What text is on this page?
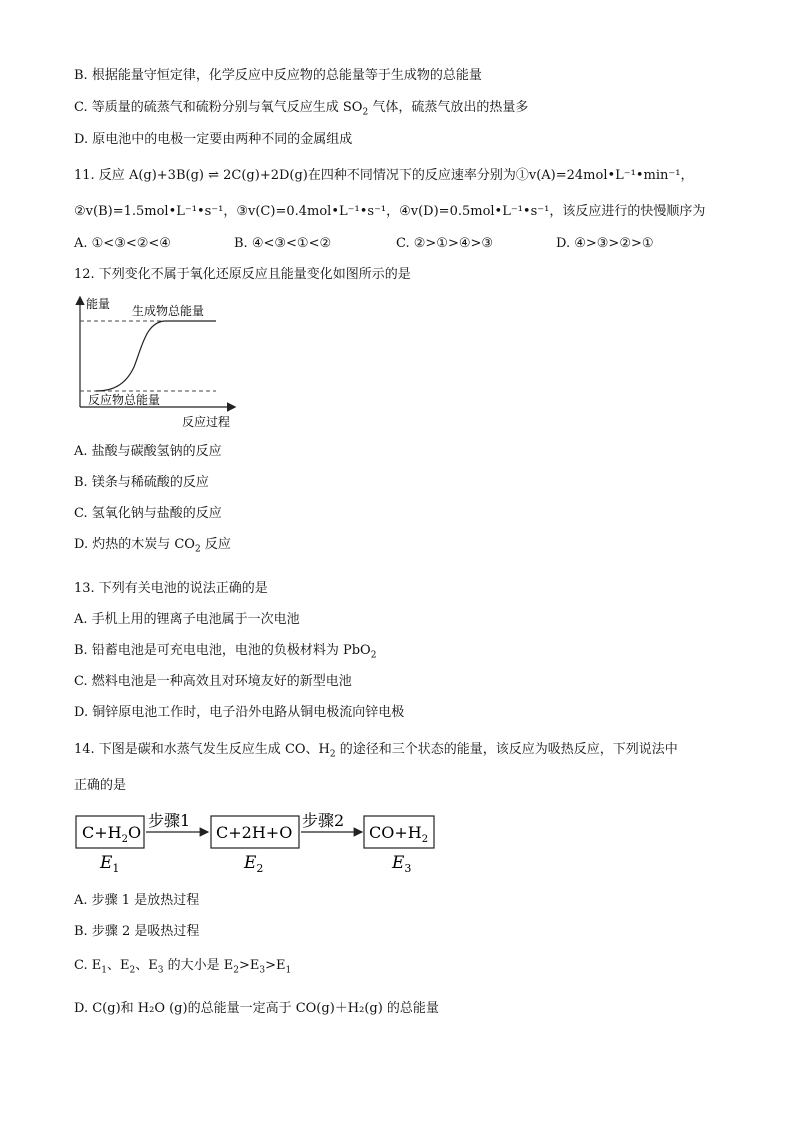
B. 根据能量守恒定律，化学反应中反应物的总能量等于生成物的总能量
C. 等质量的硫蒸气和硫粉分别与氧气反应生成 $SO_2$ 气体，硫蒸气放出的热量多
D. 原电池中的电极一定要由两种不同的金属组成
11. 反应 A(g)+3B(g) ⇌ 2C(g)+2D(g)在四种不同情况下的反应速率分别为①v(A)=24mol•L⁻¹•min⁻¹，
②v(B)=1.5mol•L⁻¹•s⁻¹，③v(C)=0.4mol•L⁻¹•s⁻¹，④v(D)=0.5mol•L⁻¹•s⁻¹，该反应进行的快慢顺序为
A. ①<③<②<④	B. ④<③<①<②	C. ②>①>④>③	D. ④>③>②>①
12. 下列变化不属于氧化还原反应且能量变化如图所示的是
能量 生成物总能量
反应物总能量
反应过程
A. 盐酸与碳酸氢钠的反应
B. 镁条与稀硫酸的反应
C. 氢氧化钠与盐酸的反应
D. 灼热的木炭与 $CO_2$ 反应
13. 下列有关电池的说法正确的是
A. 手机上用的锂离子电池属于一次电池
B. 铅蓄电池是可充电电池，电池的负极材料为 PbO$_2$
C. 燃料电池是一种高效且对环境友好的新型电池
D. 铜锌原电池工作时，电子沿外电路从铜电极流向锌电极
14. 下图是碳和水蒸气发生反应生成 CO、$H_2$ 的途径和三个状态的能量，该反应为吸热反应，下列说法中
正确的是
$C+H_2O$
步骤1
C+2H+O
步骤2
$CO+H_2$
$E_1$	$E_2$	$E_3$
A. 步骤 1 是放热过程
B. 步骤 2 是吸热过程
C. $E_1$、$E_2$、$E_3$ 的大小是 $E_2>E_3>E_1$
D. C(g)和 H₂O (g)的总能量一定高于 CO(g)＋H₂(g) 的总能量
